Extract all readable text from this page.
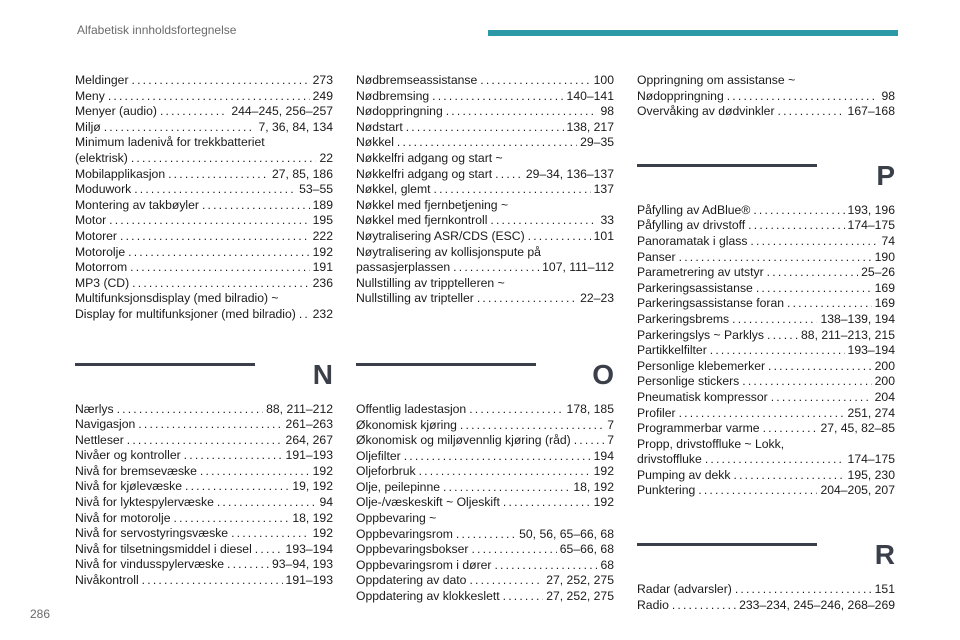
Alfabetisk innholdsfortegnelse
Meldinger . . .	273
Meny . . .	249
Menyer (audio) . . .	244–245, 256–257
Miljø . . .	7, 36, 84, 134
Minimum ladenivå for trekkbatteriet
(elektrisk) . . .	22
Mobilapplikasjon . . .	27, 85, 186
Moduwork . . .	53–55
Montering av takbøyler . . .	189
Motor . . .	195
Motorer . . .	222
Motorolje . . .	192
Motorrom . . .	191
MP3 (CD) . . .	236
Multifunksjonsdisplay (med bilradio) ~
Display for multifunksjoner (med bilradio) . . . 232
N
Nærlys . . .	88, 211–212
Navigasjon . . .	261–263
Nettleser . . .	264, 267
Nivåer og kontroller . . .	191–193
Nivå for bremsevæske . . .	192
Nivå for kjølevæske . . .	19, 192
Nivå for lyktespylervæske . . .	94
Nivå for motorolje . . .	18, 192
Nivå for servostyringsvæske . . .	192
Nivå for tilsetningsmiddel i diesel . . .	193–194
Nivå for vindusspylervæske . . .	93–94, 193
Nivåkontroll . . .	191–193
Nødbremseassistanse . . .	100
Nødbremsing . . .	140–141
Nødoppringning . . .	98
Nødstart . . .	138, 217
Nøkkel . . .	29–35
Nøkkelfri adgang og start ~
Nøkkelfri adgang og start . . .	29–34, 136–137
Nøkkel, glemt . . .	137
Nøkkel med fjernbetjening ~
Nøkkel med fjernkontroll . . .	33
Nøytralisering ASR/CDS (ESC) . . .	101
Nøytralisering av kollisjonspute på
passasjerplassen . . .	107, 111–112
Nullstilling av tripptelleren ~
Nullstilling av tripteller . . .	22–23
O
Offentlig ladestasjon . . .	178, 185
Økonomisk kjøring . . .	7
Økonomisk og miljøvennlig kjøring (råd) . . .	7
Oljefilter . . .	194
Oljeforbruk . . .	192
Olje, peilepinne . . .	18, 192
Olje-/væskeskift ~ Oljeskift . . .	192
Oppbevaring ~
Oppbevaringsrom . . .	50, 56, 65–66, 68
Oppbevaringsbokser . . .	65–66, 68
Oppbevaringsrom i dører . . .	68
Oppdatering av dato . . .	27, 252, 275
Oppdatering av klokkeslett . . .	27, 252, 275
Oppringning om assistanse ~
Nødoppringning . . .	98
Overvåking av dødvinkler . . .	167–168
P
Påfylling av AdBlue® . . .	193, 196
Påfylling av drivstoff . . .	174–175
Panoramatak i glass . . .	74
Panser . . .	190
Parametrering av utstyr . . .	25–26
Parkeringsassistanse . . .	169
Parkeringsassistanse foran . . .	169
Parkeringsbrems . . .	138–139, 194
Parkeringslys ~ Parklys . . .	88, 211–213, 215
Partikkelfilter . . .	193–194
Personlige klebemerker . . .	200
Personlige stickers . . .	200
Pneumatisk kompressor . . .	204
Profiler . . .	251, 274
Programmerbar varme . . .	27, 45, 82–85
Propp, drivstoffluke ~ Lokk,
drivstoffluke . . .	174–175
Pumping av dekk . . .	195, 230
Punktering . . .	204–205, 207
R
Radar (advarsler) . . .	151
Radio . . .	233–234, 245–246, 268–269
286
